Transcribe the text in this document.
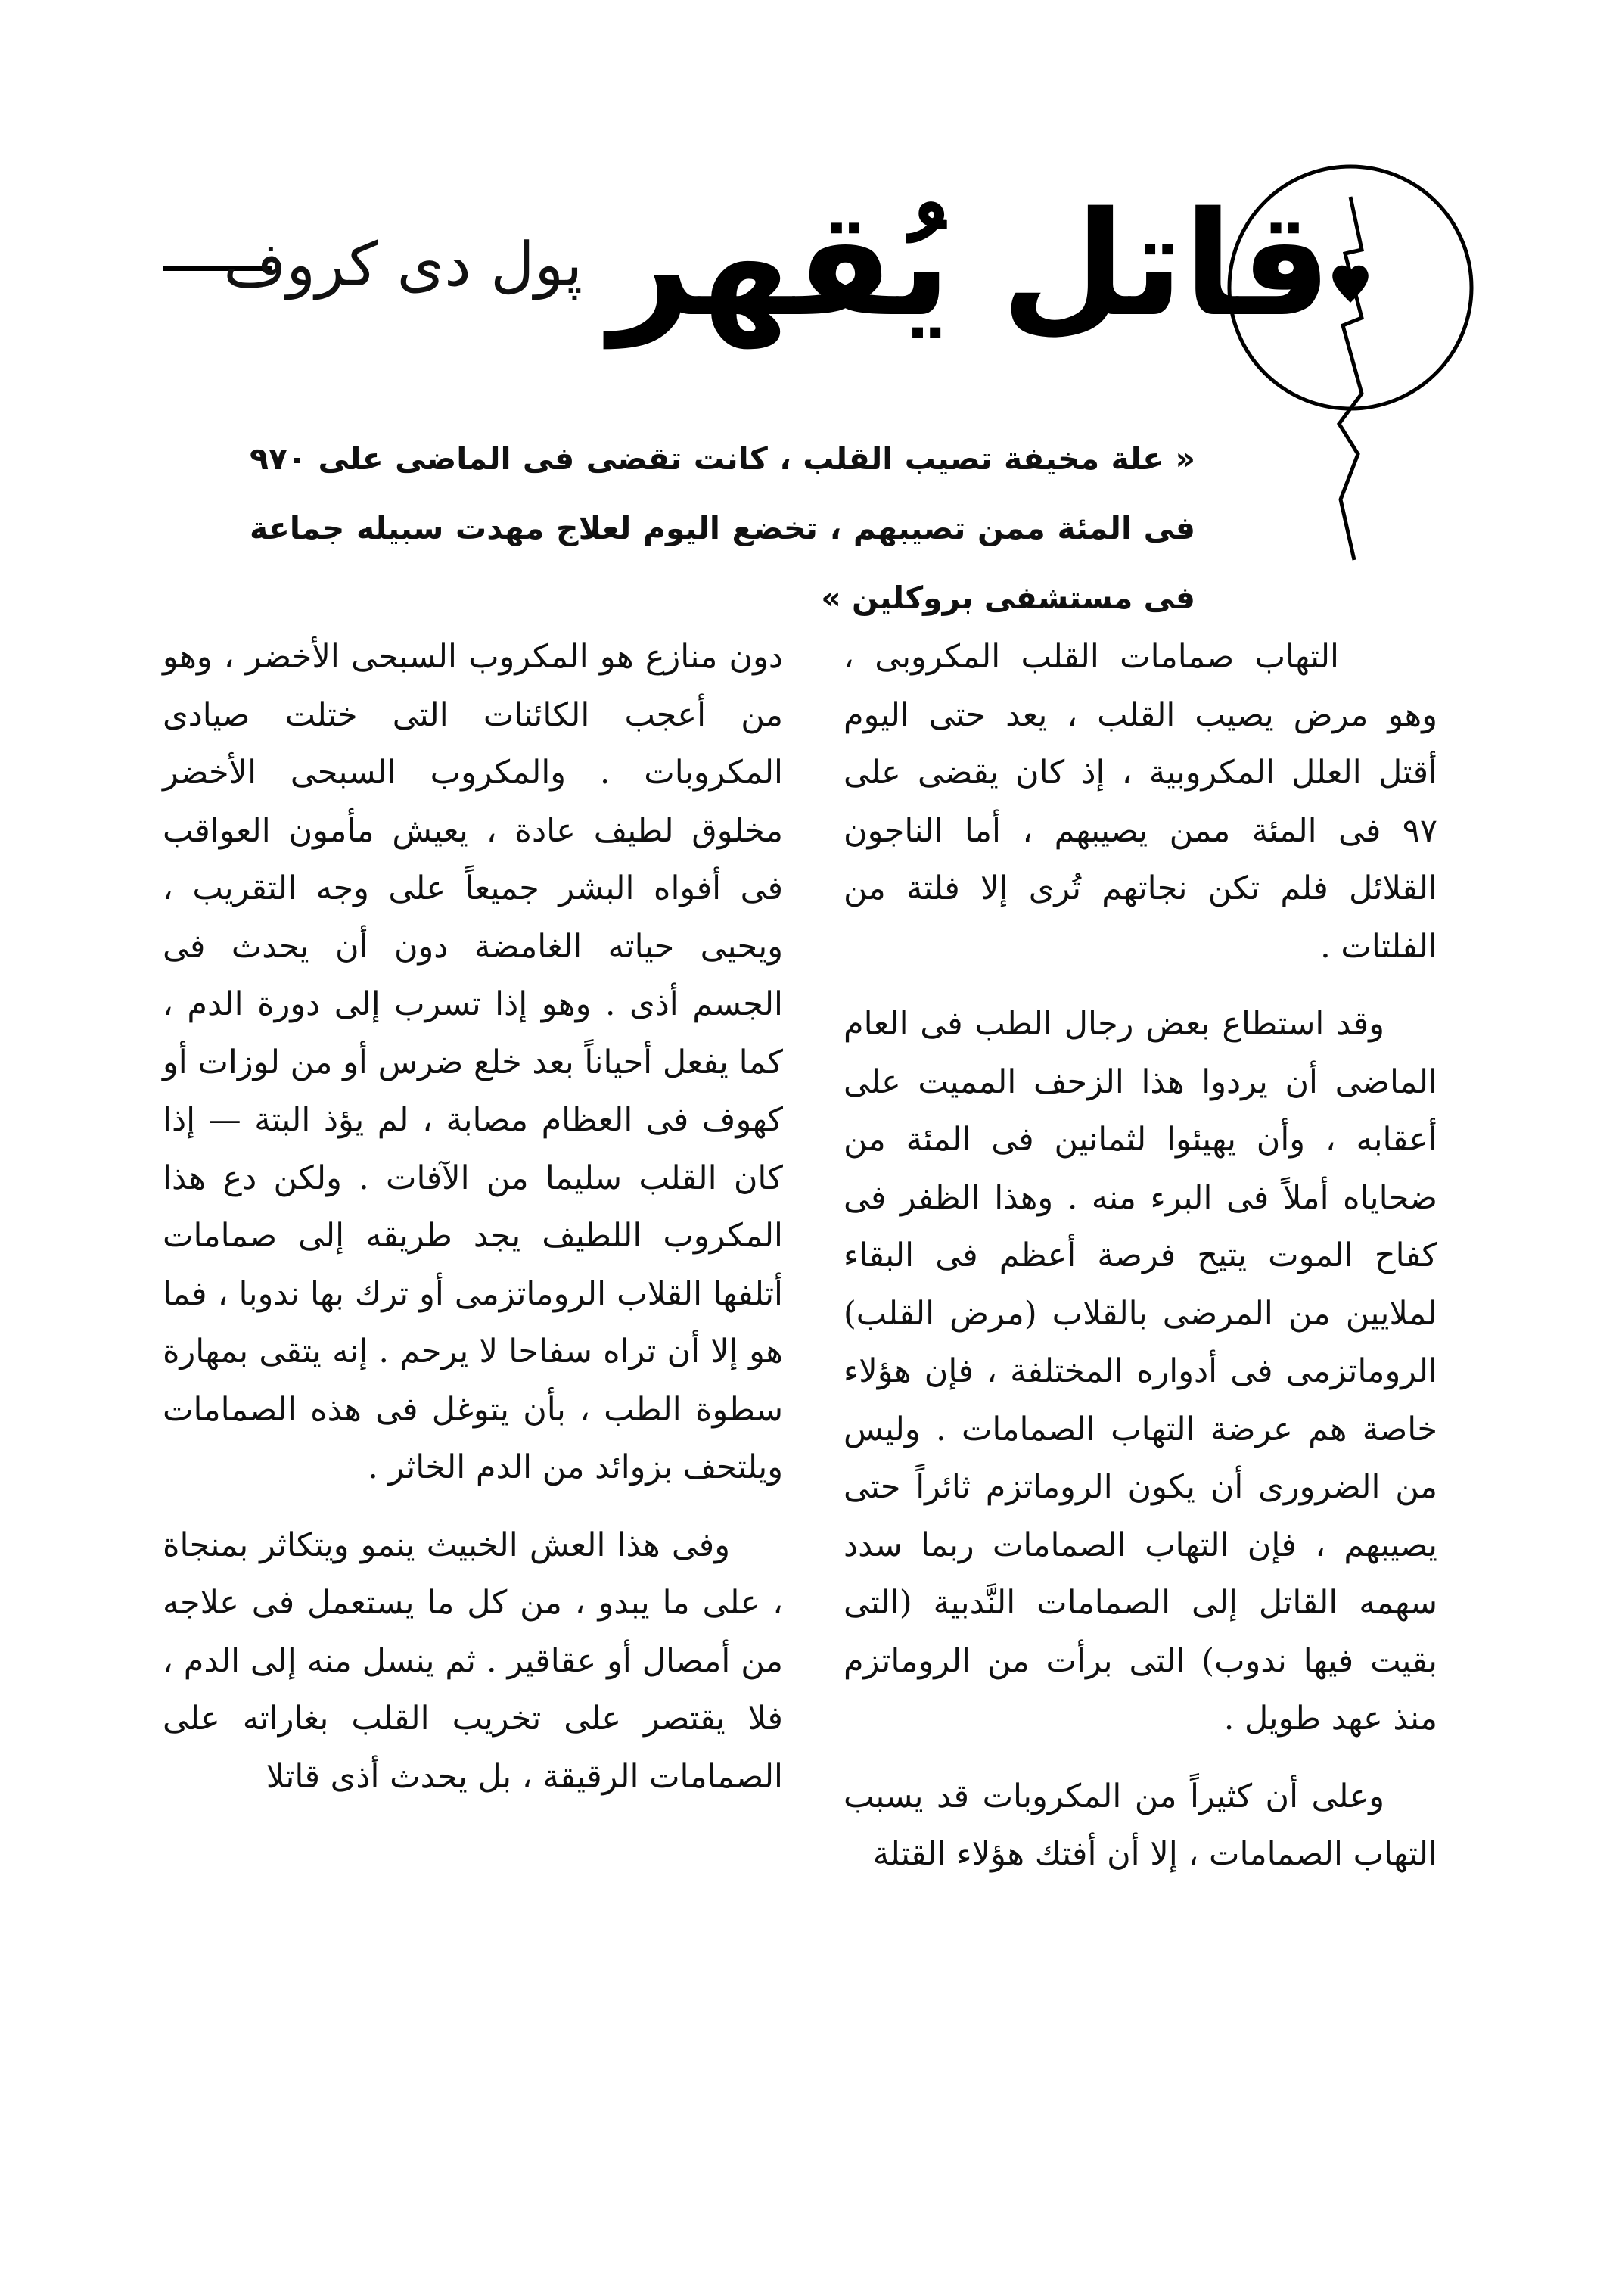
قاتل يُقهر
پول دی کروف
« علة مخيفة تصيب القلب ، كانت تقضى فى الماضى على ٩٧٠ فى المئة ممن تصيبهم ، تخضع اليوم لعلاج مهدت سبيله جماعة فى مستشفى بروكلين »

التهاب صمامات القلب المكروبى ، وهو مرض يصيب القلب ، يعد حتى اليوم أقتل العلل المكروبية ، إذ كان يقضى على ٩٧ فى المئة ممن يصيبهم ، أما الناجون القلائل فلم تكن نجاتهم تُرى إلا فلتة من الفلتات .

وقد استطاع بعض رجال الطب فى العام الماضى أن يردوا هذا الزحف المميت على أعقابه ، وأن يهيئوا لثمانين فى المئة من ضحاياه أملاً فى البرء منه . وهذا الظفر فى كفاح الموت يتيح فرصة أعظم فى البقاء لملايين من المرضى بالقلاب (مرض القلب) الروماتزمى فى أدواره المختلفة ، فإن هؤلاء خاصة هم عرضة التهاب الصمامات . وليس من الضرورى أن يكون الروماتزم ثائراً حتى يصيبهم ، فإن التهاب الصمامات ربما سدد سهمه القاتل إلى الصمامات النَّدبية (التى بقيت فيها ندوب) التى برأت من الروماتزم منذ عهد طويل .

وعلى أن كثيراً من المكروبات قد يسبب التهاب الصمامات ، إلا أن أفتك هؤلاء القتلة

دون منازع هو المكروب السبحى الأخضر ، وهو من أعجب الكائنات التى ختلت صيادى المكروبات . والمكروب السبحى الأخضر مخلوق لطيف عادة ، يعيش مأمون العواقب فى أفواه البشر جميعاً على وجه التقريب ، ويحيى حياته الغامضة دون أن يحدث فى الجسم أذى . وهو إذا تسرب إلى دورة الدم ، كما يفعل أحياناً بعد خلع ضرس أو من لوزات أو كهوف فى العظام مصابة ، لم يؤذ البتة — إذا كان القلب سليما من الآفات . ولكن دع هذا المكروب اللطيف يجد طريقه إلى صمامات أتلفها القلاب الروماتزمى أو ترك بها ندوبا ، فما هو إلا أن تراه سفاحا لا يرحم . إنه يتقى بمهارة سطوة الطب ، بأن يتوغل فى هذه الصمامات ويلتحف بزوائد من الدم الخاثر .

وفى هذا العش الخبيث ينمو ويتكاثر بمنجاة ، على ما يبدو ، من كل ما يستعمل فى علاجه من أمصال أو عقاقير . ثم ينسل منه إلى الدم ، فلا يقتصر على تخريب القلب بغاراته على الصمامات الرقيقة ، بل يحدث أذى قاتلا
